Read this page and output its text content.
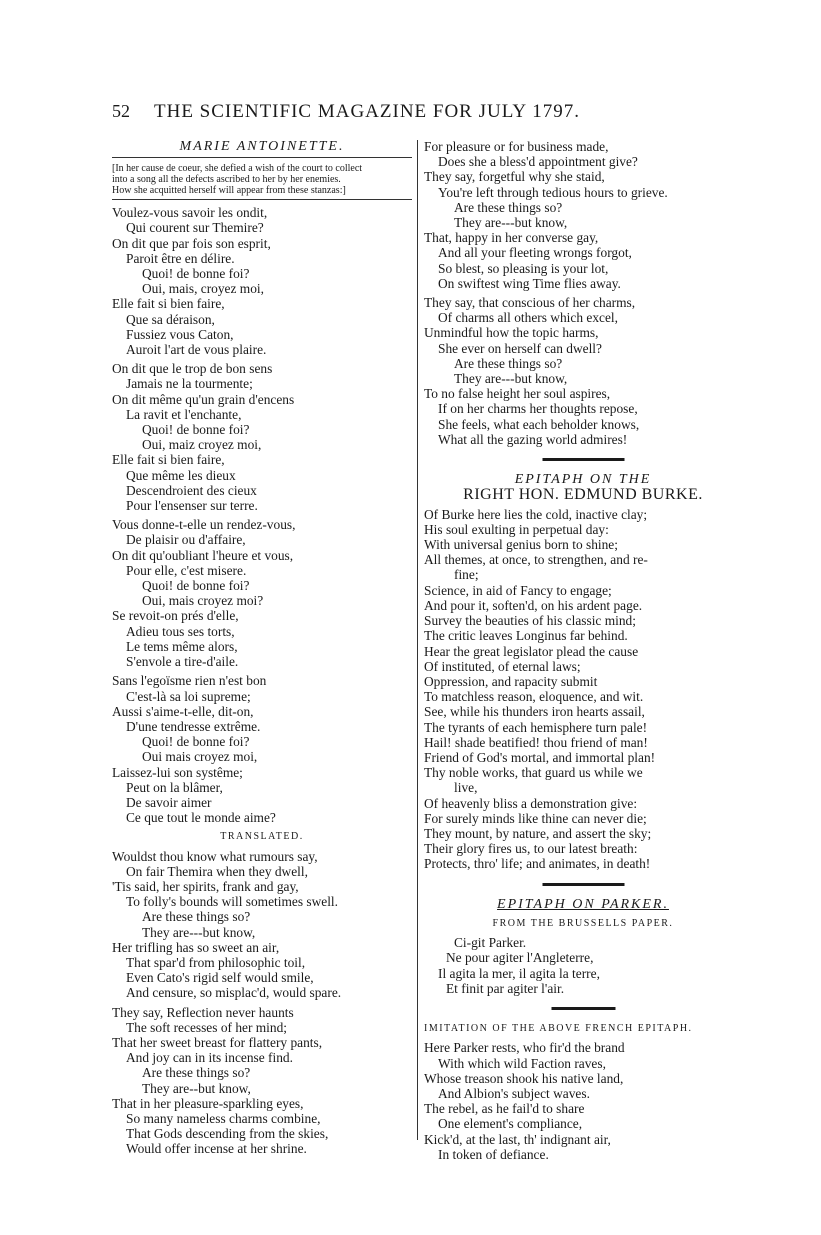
52 THE SCIENTIFIC MAGAZINE FOR JULY 1797.
MARIE ANTOINETTE.
[In her cause de coeur, she defied a wish of the court to collect
into a song all the defects ascribed to her by her enemies.
How she acquitted herself will appear from these stanzas:]
Voulez-vous savoir les ondit,
Qui courent sur Themire?
On dit que par fois son esprit,
Paroit être en délire.
Quoi! de bonne foi?
Oui, mais, croyez moi,
Elle fait si bien faire,
Que sa déraison,
Fussiez vous Caton,
Auroit l'art de vous plaire.
On dit que le trop de bon sens
Jamais ne la tourmente;
On dit même qu'un grain d'encens
La ravit et l'enchante,
Quoi! de bonne foi?
Oui, maiz croyez moi,
Elle fait si bien faire,
Que même les dieux
Descendroient des cieux
Pour l'ensenser sur terre.
Vous donne-t-elle un rendez-vous,
De plaisir ou d'affaire,
On dit qu'oubliant l'heure et vous,
Pour elle, c'est misere.
Quoi! de bonne foi?
Oui, mais croyez moi?
Se revoit-on prés d'elle,
Adieu tous ses torts,
Le tems même alors,
S'envole a tire-d'aile.
Sans l'egoïsme rien n'est bon
C'est-là sa loi supreme;
Aussi s'aime-t-elle, dit-on,
D'une tendresse extrême.
Quoi! de bonne foi?
Oui mais croyez moi,
Laissez-lui son systême;
Peut on la blâmer,
De savoir aimer
Ce que tout le monde aime?
TRANSLATED.
Wouldst thou know what rumours say,
On fair Themira when they dwell,
'Tis said, her spirits, frank and gay,
To folly's bounds will sometimes swell.
Are these things so?
They are---but know,
Her trifling has so sweet an air,
That spar'd from philosophic toil,
Even Cato's rigid self would smile,
And censure, so misplac'd, would spare.
They say, Reflection never haunts
The soft recesses of her mind;
That her sweet breast for flattery pants,
And joy can in its incense find.
Are these things so?
They are--but know,
That in her pleasure-sparkling eyes,
So many nameless charms combine,
That Gods descending from the skies,
Would offer incense at her shrine.
For pleasure or for business made,
Does she a bless'd appointment give?
They say, forgetful why she staid,
You're left through tedious hours to grieve.
Are these things so?
They are---but know,
That, happy in her converse gay,
And all your fleeting wrongs forgot,
So blest, so pleasing is your lot,
On swiftest wing Time flies away.
They say, that conscious of her charms,
Of charms all others which excel,
Unmindful how the topic harms,
She ever on herself can dwell?
Are these things so?
They are---but know,
To no false height her soul aspires,
If on her charms her thoughts repose,
She feels, what each beholder knows,
What all the gazing world admires!
▬▬▬▬▬▬▬▬▬
EPITAPH ON THE
RIGHT HON. EDMUND BURKE.
Of Burke here lies the cold, inactive clay;
His soul exulting in perpetual day:
With universal genius born to shine;
All themes, at once, to strengthen, and re-
fine;
Science, in aid of Fancy to engage;
And pour it, soften'd, on his ardent page.
Survey the beauties of his classic mind;
The critic leaves Longinus far behind.
Hear the great legislator plead the cause
Of instituted, of eternal laws;
Oppression, and rapacity submit
To matchless reason, eloquence, and wit.
See, while his thunders iron hearts assail,
The tyrants of each hemisphere turn pale!
Hail! shade beatified! thou friend of man!
Friend of God's mortal, and immortal plan!
Thy noble works, that guard us while we
live,
Of heavenly bliss a demonstration give:
For surely minds like thine can never die;
They mount, by nature, and assert the sky;
Their glory fires us, to our latest breath:
Protects, thro' life; and animates, in death!
▬▬▬▬▬▬▬▬▬
EPITAPH ON PARKER.
FROM THE BRUSSELLS PAPER.
Ci-git Parker.
Ne pour agiter l'Angleterre,
Il agita la mer, il agita la terre,
Et finit par agiter l'air.
▬▬▬▬▬▬▬
IMITATION OF THE ABOVE FRENCH EPITAPH.
Here Parker rests, who fir'd the brand
With which wild Faction raves,
Whose treason shook his native land,
And Albion's subject waves.
The rebel, as he fail'd to share
One element's compliance,
Kick'd, at the last, th' indignant air,
In token of defiance.
